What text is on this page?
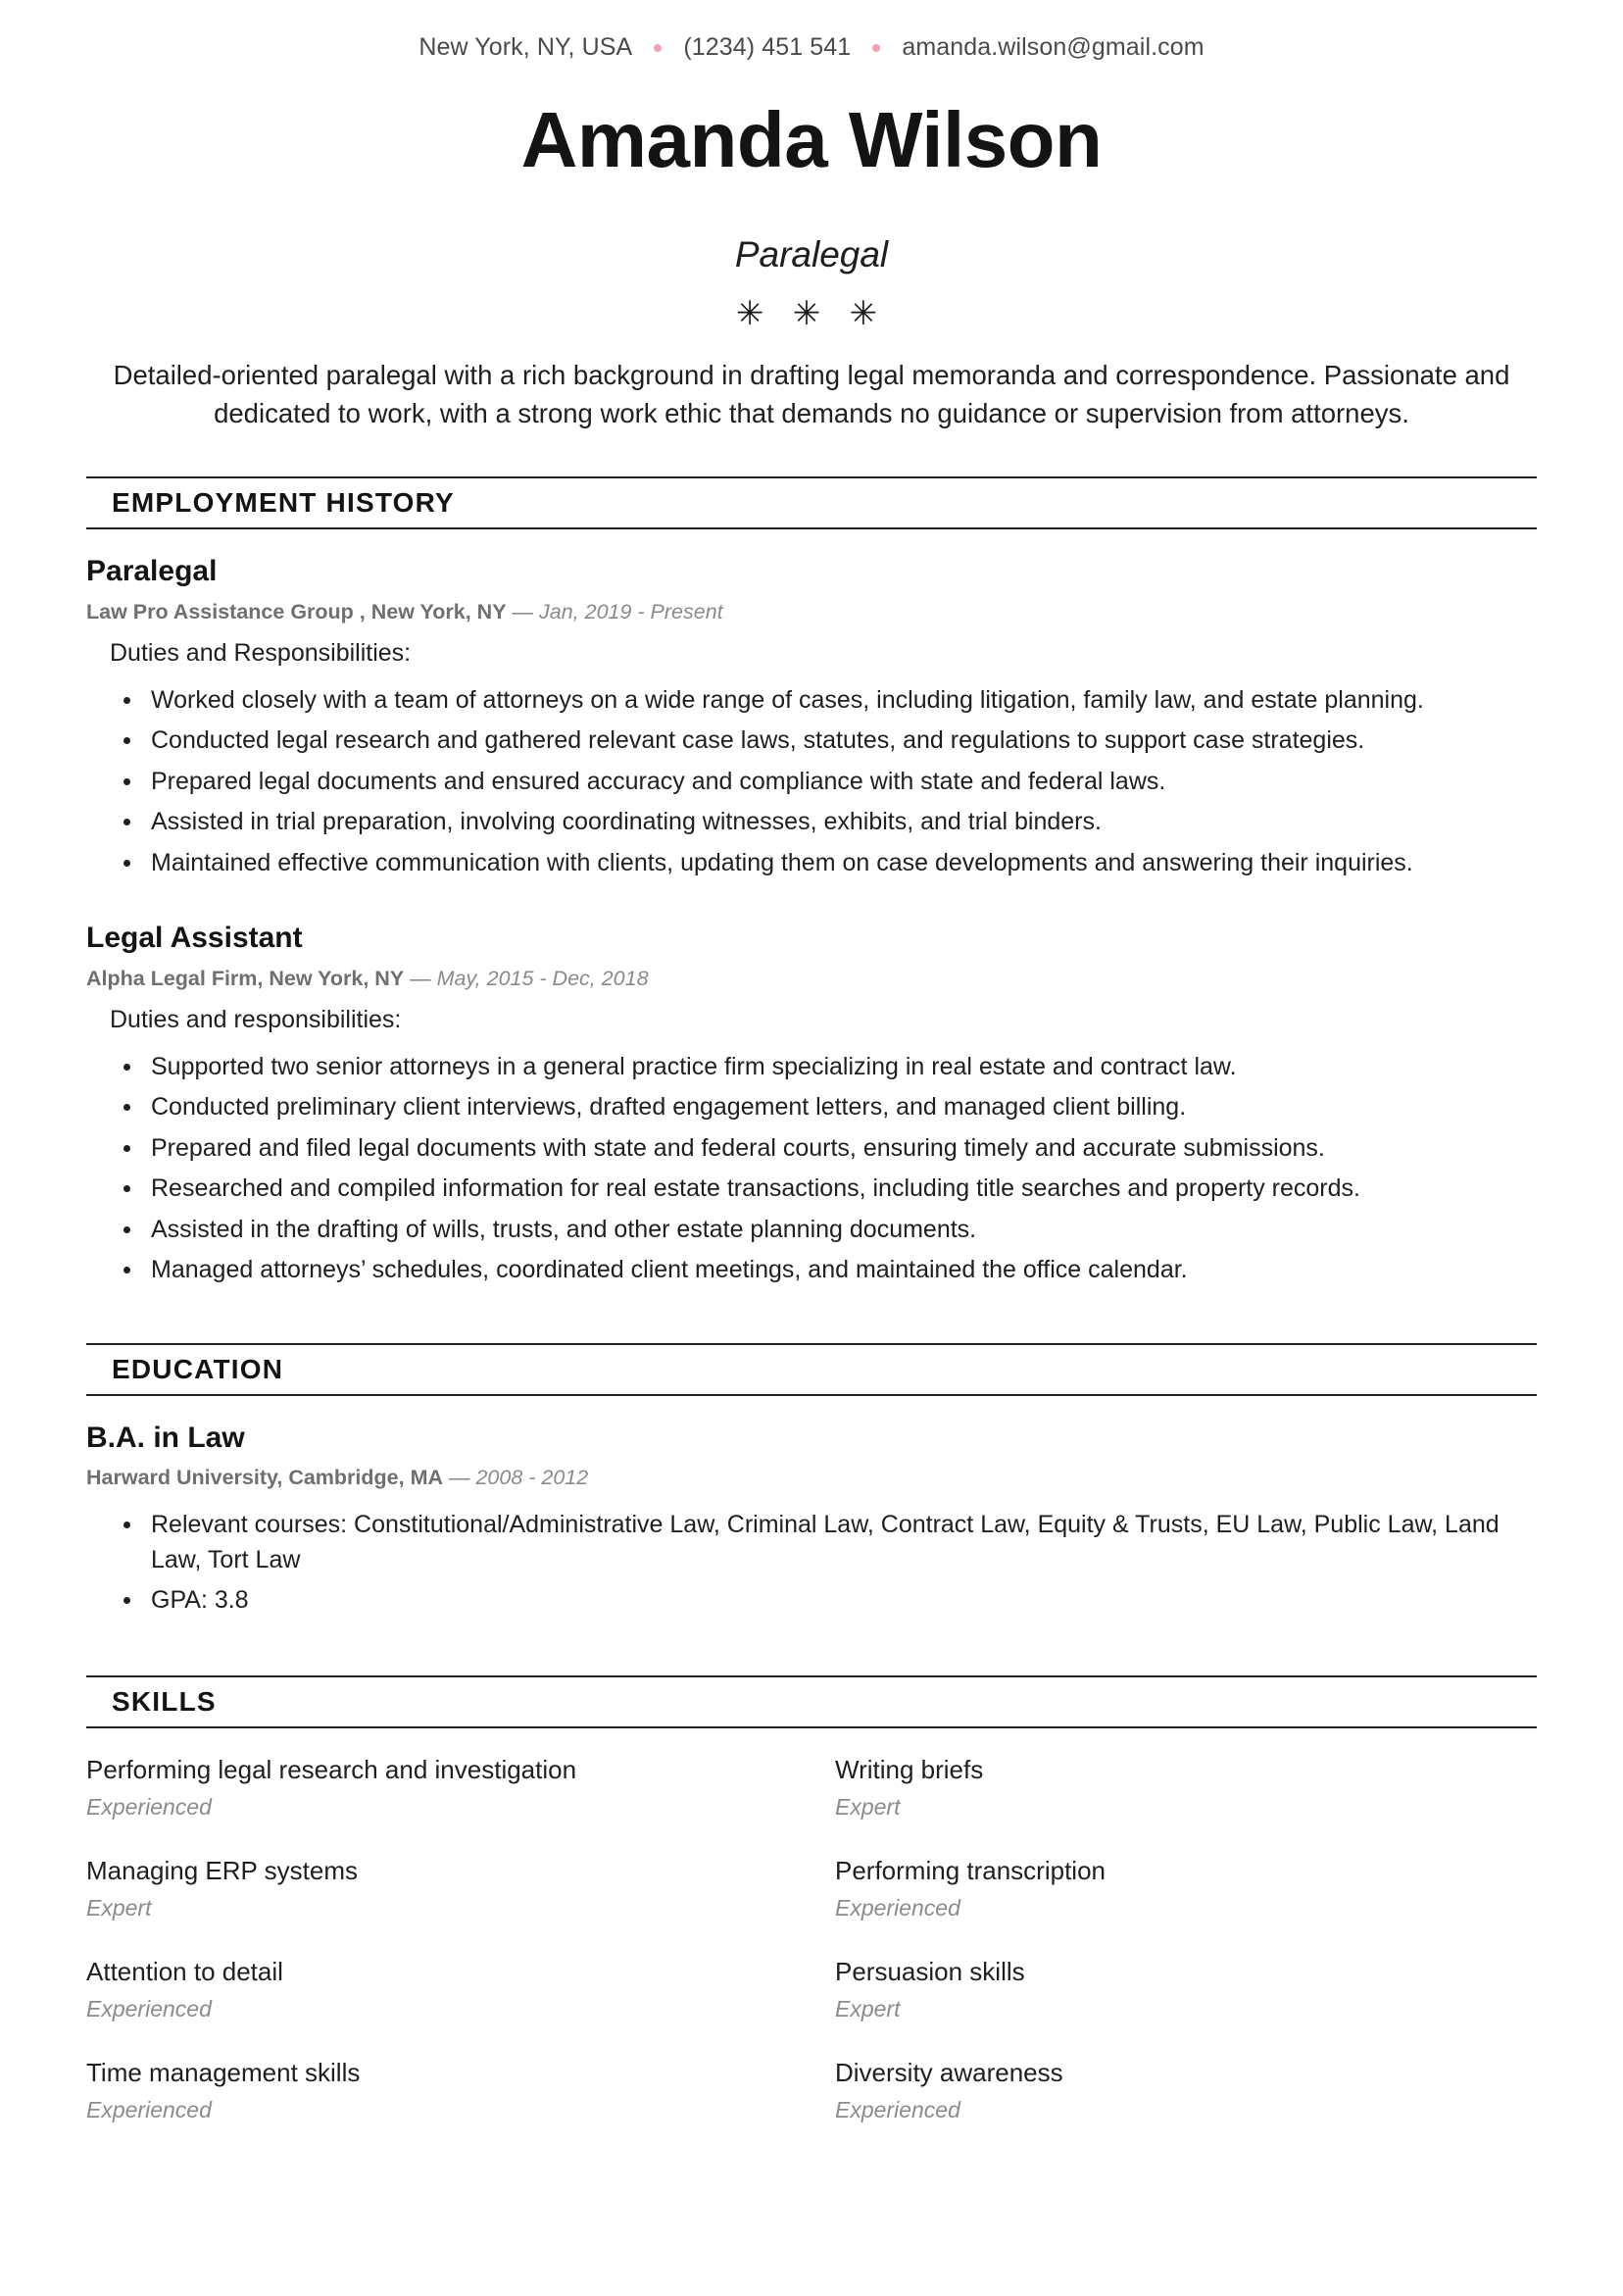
New York, NY, USA	(1234) 451 541	amanda.wilson@gmail.com
Amanda Wilson
Paralegal
✳ ✳ ✳

Detailed-oriented paralegal with a rich background in drafting legal memoranda and correspondence. Passionate and dedicated to work, with a strong work ethic that demands no guidance or supervision from attorneys.

EMPLOYMENT HISTORY
Paralegal
Law Pro Assistance Group , New York, NY — Jan, 2019 - Present
Duties and Responsibilities:
Worked closely with a team of attorneys on a wide range of cases, including litigation, family law, and estate planning.
Conducted legal research and gathered relevant case laws, statutes, and regulations to support case strategies.
Prepared legal documents and ensured accuracy and compliance with state and federal laws.
Assisted in trial preparation, involving coordinating witnesses, exhibits, and trial binders.
Maintained effective communication with clients, updating them on case developments and answering their inquiries.
Legal Assistant
Alpha Legal Firm, New York, NY — May, 2015 - Dec, 2018
Duties and responsibilities:
Supported two senior attorneys in a general practice firm specializing in real estate and contract law.
Conducted preliminary client interviews, drafted engagement letters, and managed client billing.
Prepared and filed legal documents with state and federal courts, ensuring timely and accurate submissions.
Researched and compiled information for real estate transactions, including title searches and property records.
Assisted in the drafting of wills, trusts, and other estate planning documents.
Managed attorneys’ schedules, coordinated client meetings, and maintained the office calendar.
EDUCATION
B.A. in Law
Harward University, Cambridge, MA — 2008 - 2012
Relevant courses: Constitutional/Administrative Law, Criminal Law, Contract Law, Equity & Trusts, EU Law, Public Law, Land Law, Tort Law
GPA: 3.8
SKILLS
Performing legal research and investigation
Experienced
Writing briefs
Expert
Managing ERP systems
Expert
Performing transcription
Experienced
Attention to detail
Experienced
Persuasion skills
Expert
Time management skills
Experienced
Diversity awareness
Experienced
